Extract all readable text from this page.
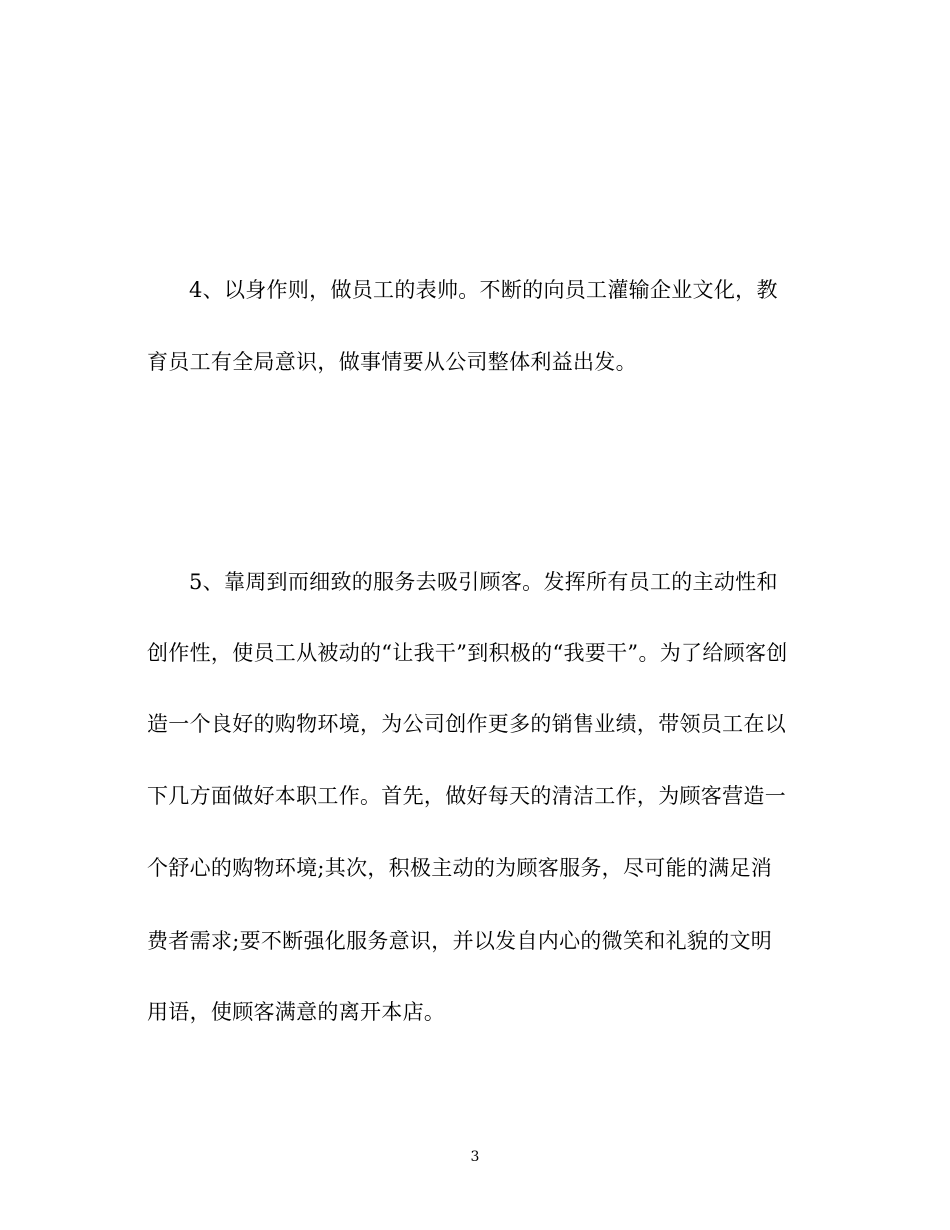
4、以身作则，做员工的表帅。不断的向员工灌输企业文化，教
育员工有全局意识，做事情要从公司整体利益出发。
5、靠周到而细致的服务去吸引顾客。发挥所有员工的主动性和
创作性，使员工从被动的“让我干”到积极的“我要干”。为了给顾客创
造一个良好的购物环境，为公司创作更多的销售业绩，带领员工在以
下几方面做好本职工作。首先，做好每天的清洁工作，为顾客营造一
个舒心的购物环境;其次，积极主动的为顾客服务，尽可能的满足消
费者需求;要不断强化服务意识，并以发自内心的微笑和礼貌的文明
用语，使顾客满意的离开本店。
3
